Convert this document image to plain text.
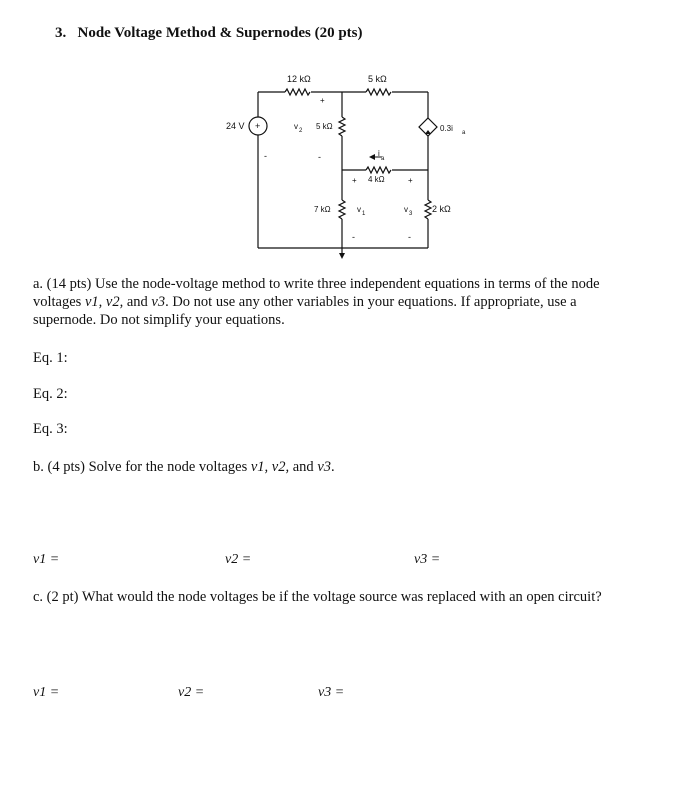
3. Node Voltage Method & Supernodes (20 pts)
+
-
12 kΩ	5 kΩ
24 V	5 kΩ
7 kΩ
4 kΩ
2 kΩ
0.3i a
v 2
+
-	i
a
+
v 1
-
+
v 3
-
a. (14 pts) Use the node-voltage method to write three independent equations in terms of the node voltages v1, v2, and v3. Do not use any other variables in your equations. If appropriate, use a supernode. Do not simplify your equations.
Eq. 1:
Eq. 2:
Eq. 3:
b. (4 pts) Solve for the node voltages v1, v2, and v3.
v1 =	v2 =	v3 =
c. (2 pt) What would the node voltages be if the voltage source was replaced with an open circuit?
v1 =	v2 =	v3 =
